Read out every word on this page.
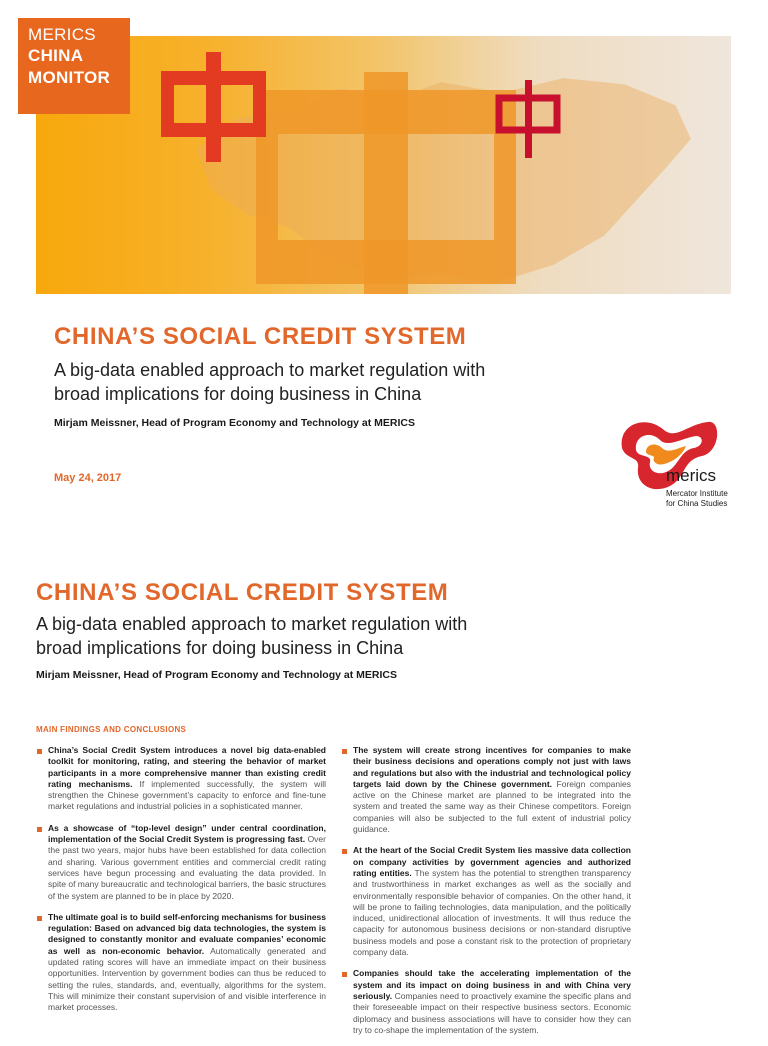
MERICS
CHINA
MONITOR
CHINA’S SOCIAL CREDIT SYSTEM

A big-data enabled approach to market regulation with broad implications for doing business in China

Mirjam Meissner, Head of Program Economy and Technology at MERICS
May 24, 2017	merics
Mercator Institute
for China Studies
CHINA’S SOCIAL CREDIT SYSTEM

A big-data enabled approach to market regulation with broad implications for doing business in China

Mirjam Meissner, Head of Program Economy and Technology at MERICS
MAIN FINDINGS AND CONCLUSIONS
China’s Social Credit System introduces a novel big data-enabled toolkit for monitoring, rating, and steering the behavior of market participants in a more comprehensive manner than existing credit rating mechanisms. If implemented successfully, the system will strengthen the Chinese government’s capacity to enforce and fine-tune market regulations and industrial policies in a sophisticated manner.
As a showcase of “top-level design” under central coordination, implementation of the Social Credit System is progressing fast. Over the past two years, major hubs have been established for data collection and sharing. Various government entities and commercial credit rating services have begun processing and evaluating the data provided. In spite of many bureaucratic and technological barriers, the basic structures of the system are planned to be in place by 2020.
The ultimate goal is to build self-enforcing mechanisms for business regulation: Based on advanced big data technologies, the system is designed to constantly monitor and evaluate companies’ economic as well as non-economic behavior. Automatically generated and updated rating scores will have an immediate impact on their business opportunities. Intervention by government bodies can thus be reduced to setting the rules, standards, and, eventually, algorithms for the system. This will minimize their constant supervision of and visible interference in market processes.
The system will create strong incentives for companies to make their business decisions and operations comply not just with laws and regulations but also with the industrial and technological policy targets laid down by the Chinese government. Foreign companies active on the Chinese market are planned to be integrated into the system and treated the same way as their Chinese competitors. Foreign companies will also be subjected to the full extent of industrial policy guidance.
At the heart of the Social Credit System lies massive data collection on company activities by government agencies and authorized rating entities. The system has the potential to strengthen transparency and trustworthiness in market exchanges as well as the socially and environmentally responsible behavior of companies. On the other hand, it will be prone to failing technologies, data manipulation, and the politically induced, unidirectional allocation of investments. It will thus reduce the capacity for autonomous business decisions or non-standard disruptive business models and pose a constant risk to the protection of proprietary company data.
Companies should take the accelerating implementation of the system and its impact on doing business in and with China very seriously. Companies need to proactively examine the specific plans and their foreseeable impact on their respective business sectors. Economic diplomacy and business associations will have to consider how they can try to co-shape the implementation of the system.
